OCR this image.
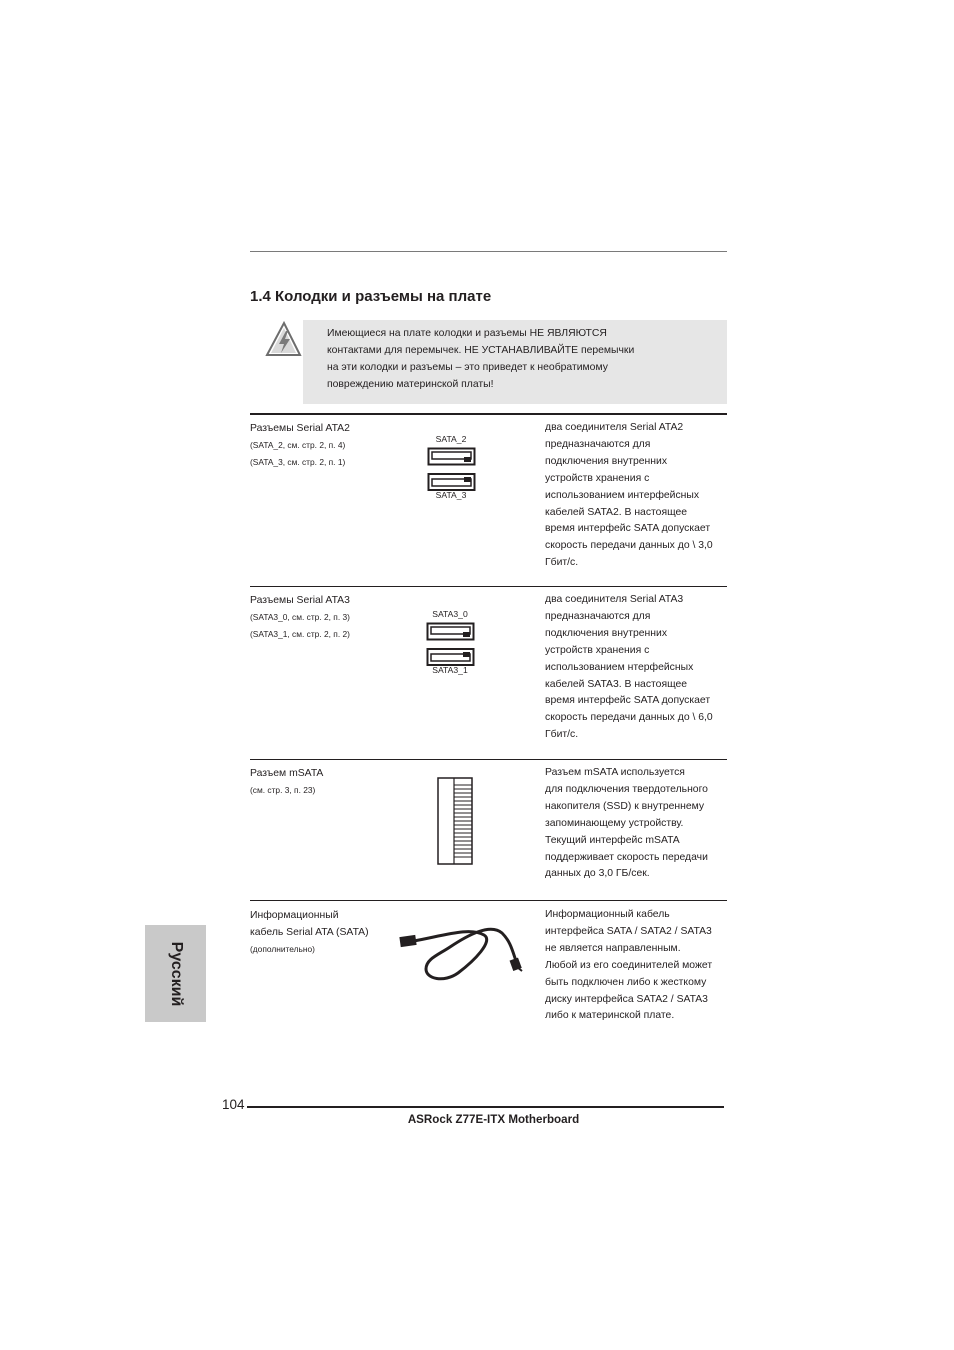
1.4 Колодки и разъемы на плате
Имеющиеся на плате колодки и разъемы НЕ ЯВЛЯЮТСЯ
контактами для перемычек. НЕ УСТАНАВЛИВАЙТЕ перемычки
на эти колодки и разъемы – это приведет к необратимому
повреждению материнской платы!
Разъемы Serial ATA2
(SATA_2, см. стр. 2, п. 4)
(SATA_3, см. стр. 2, п. 1)
SATA_2
SATA_3
два соединителя Serial ATA2
предназначаются для
подключения внутренних
устройств хранения с
использованием интерфейсных
кабелей SATA2. В настоящее
время интерфейс SATA допускает
скорость передачи данных до \ 3,0
Гбит/с.
Разъемы Serial ATA3
(SATA3_0, см. стр. 2, п. 3)
(SATA3_1, см. стр. 2, п. 2)
SATA3_0
SATA3_1
два соединителя Serial ATA3
предназначаются для
подключения внутренних
устройств хранения с
использованием нтерфейсных
кабелей SATA3. В настоящее
время интерфейс SATA допускает
скорость передачи данных до \ 6,0
Гбит/с.
Разъем mSATA
(см. стр. 3, п. 23)
Разъем mSATA используется
для подключения твердотельного
накопителя (SSD) к внутреннему
запоминающему устройству.
Текущий интерфейс mSATA
поддерживает скорость передачи
данных до 3,0 ГБ/сек.
Информационный
кабель Serial ATA (SATA)
(дополнительно)
Информационный кабель
интерфейса SATA / SATA2 / SATA3
не является направленным.
Любой из его соединителей может
быть подключен либо к жесткому
диску интерфейса SATA2 / SATA3
либо к материнской плате.
Русский
104
ASRock Z77E-ITX Motherboard
